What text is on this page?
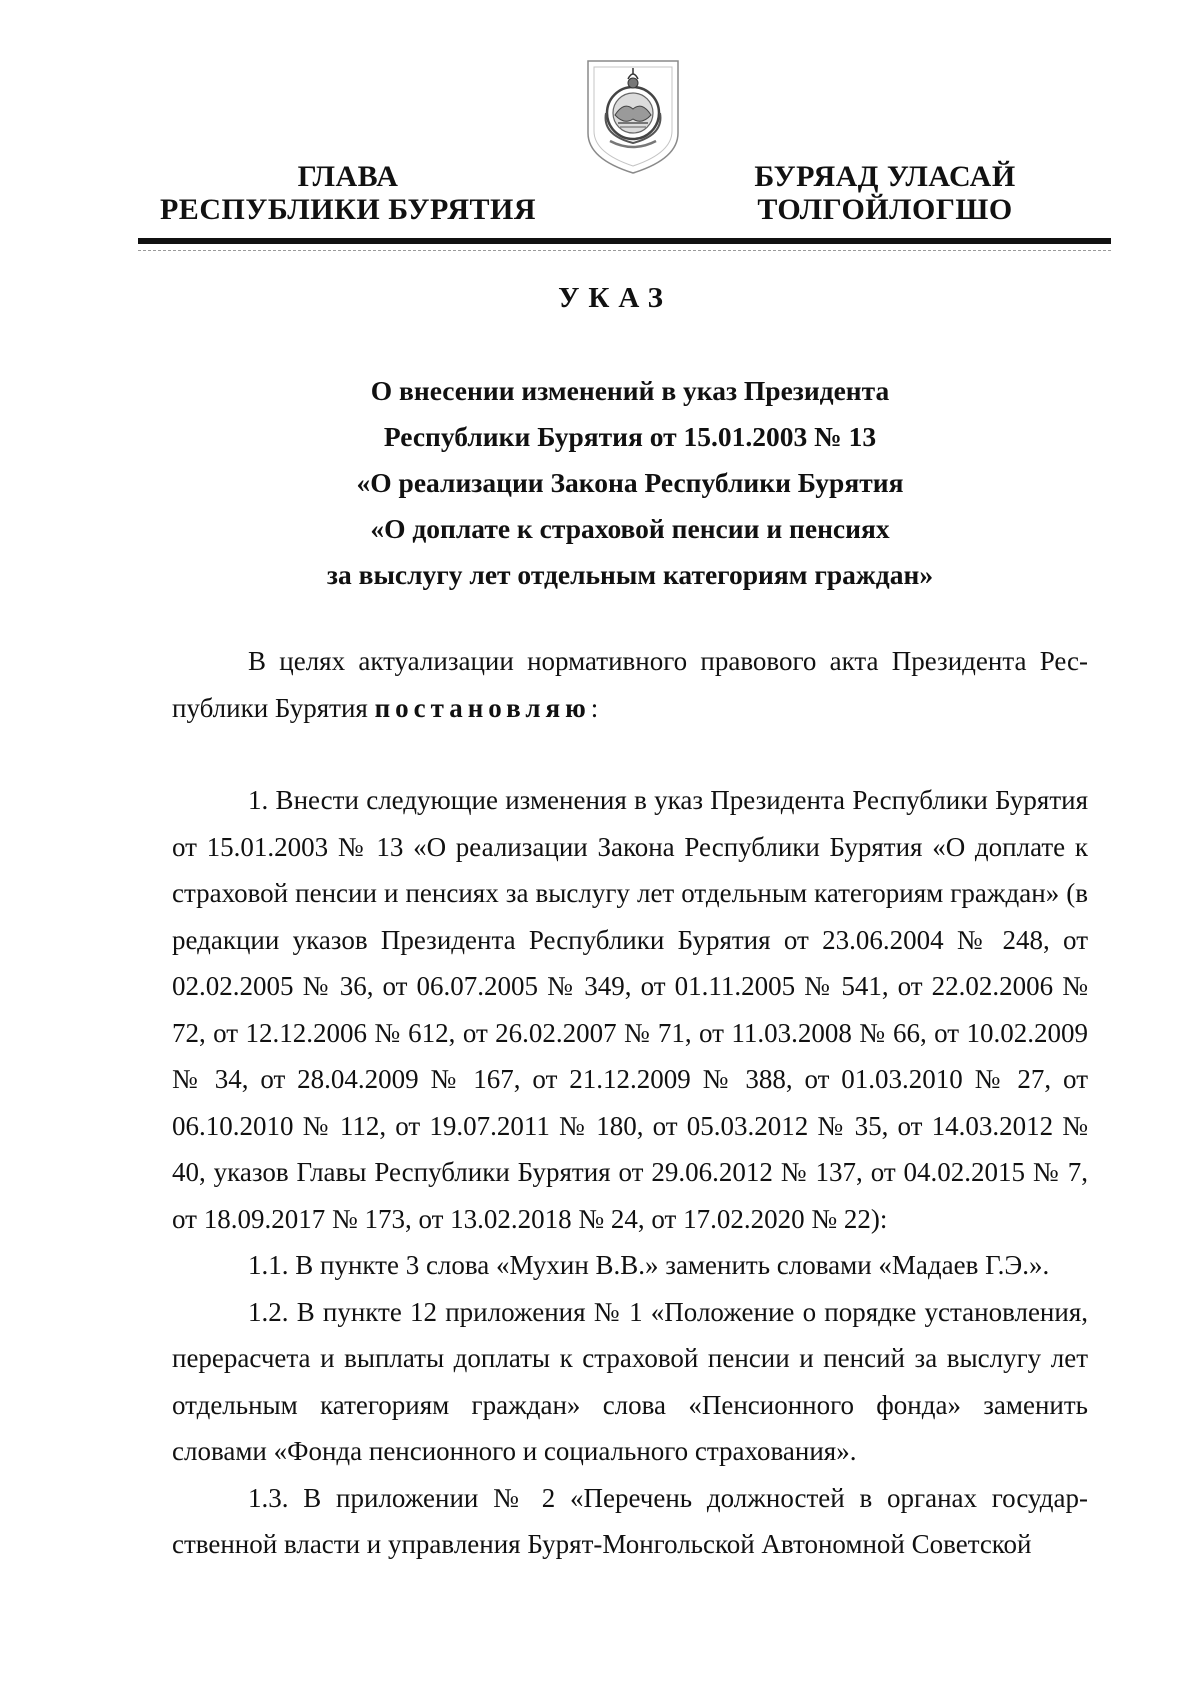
ГЛАВА
РЕСПУБЛИКИ БУРЯТИЯ
БУРЯАД УЛАСАЙ
ТОЛГОЙЛОГШО
УКАЗ
О внесении изменений в указ Президента
Республики Бурятия от 15.01.2003 № 13
«О реализации Закона Республики Бурятия
«О доплате к страховой пенсии и пенсиях
за выслугу лет отдельным категориям граждан»

В целях актуализации нормативного правового акта Президента Республики Бурятия постановляю:

1. Внести следующие изменения в указ Президента Республики Бурятия от 15.01.2003 № 13 «О реализации Закона Республики Бурятия «О доплате к страховой пенсии и пенсиях за выслугу лет отдельным категориям граждан» (в редакции указов Президента Республики Бурятия от 23.06.2004 № 248, от 02.02.2005 № 36, от 06.07.2005 № 349, от 01.11.2005 № 541, от 22.02.2006 № 72, от 12.12.2006 № 612, от 26.02.2007 № 71, от 11.03.2008 № 66, от 10.02.2009 № 34, от 28.04.2009 № 167, от 21.12.2009 № 388, от 01.03.2010 № 27, от 06.10.2010 № 112, от 19.07.2011 № 180, от 05.03.2012 № 35, от 14.03.2012 № 40, указов Главы Республики Бурятия от 29.06.2012 № 137, от 04.02.2015 № 7, от 18.09.2017 № 173, от 13.02.2018 № 24, от 17.02.2020 № 22):

1.1. В пункте 3 слова «Мухин В.В.» заменить словами «Мадаев Г.Э.».

1.2. В пункте 12 приложения № 1 «Положение о порядке установления, перерасчета и выплаты доплаты к страховой пенсии и пенсий за выслугу лет отдельным категориям граждан» слова «Пенсионного фонда» заменить словами «Фонда пенсионного и социального страхования».

1.3. В приложении № 2 «Перечень должностей в органах государственной власти и управления Бурят-Монгольской Автономной Советской
